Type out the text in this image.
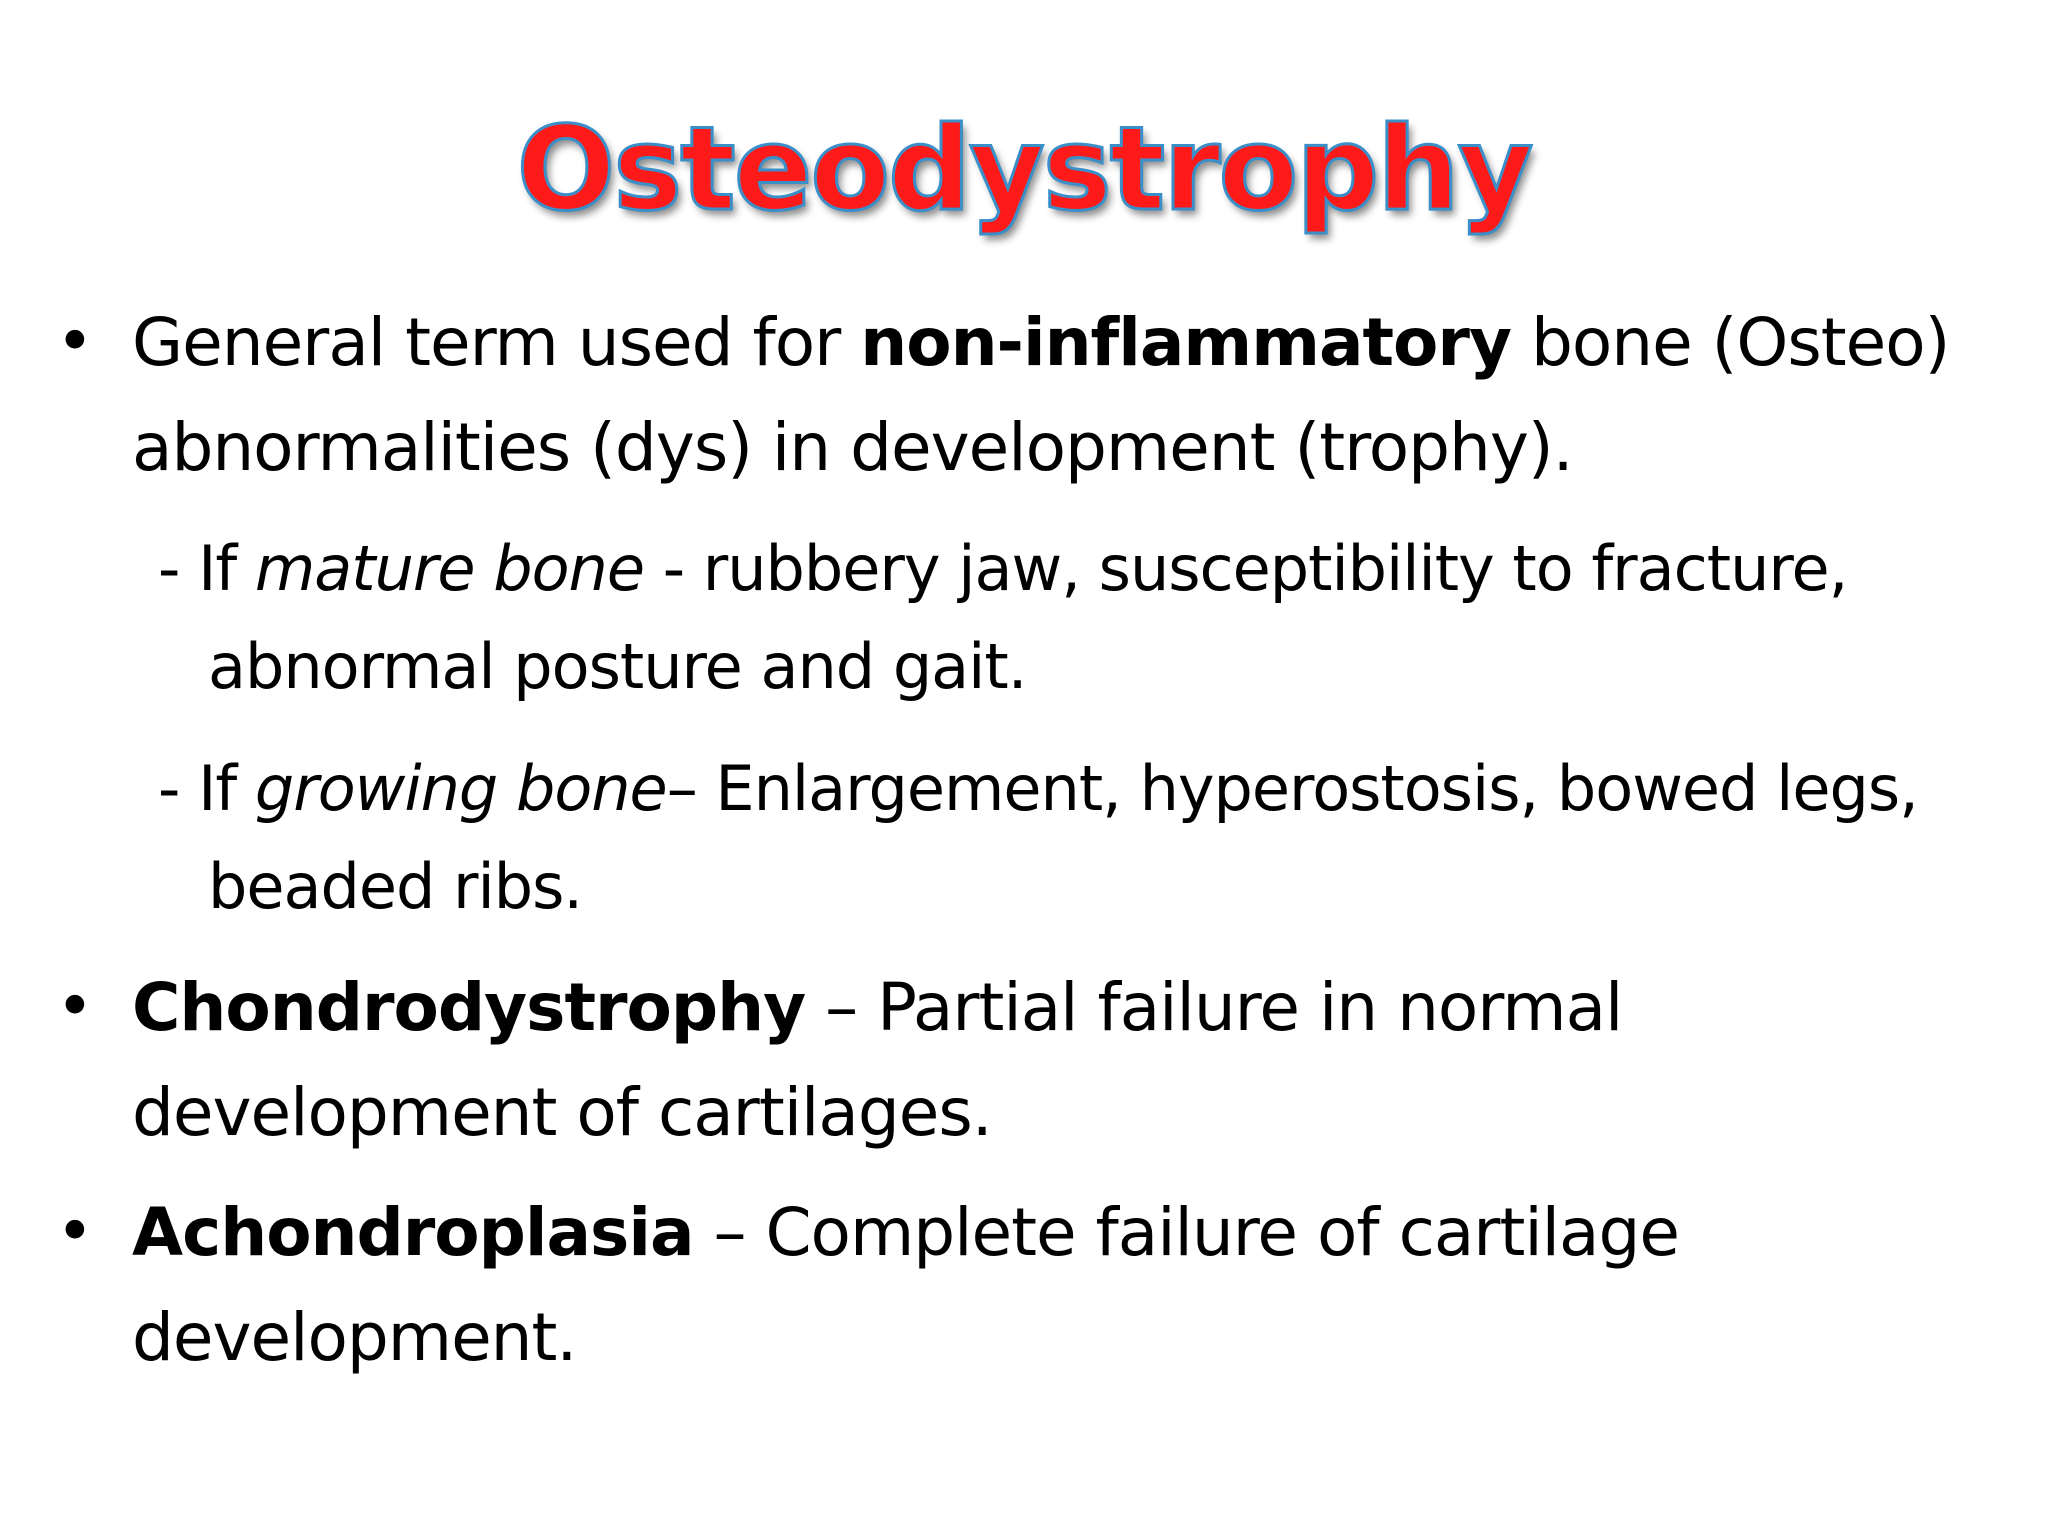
Osteodystrophy
• General term used for non-inflammatory bone (Osteo) abnormalities (dys) in development (trophy).
- If mature bone - rubbery jaw, susceptibility to fracture, abnormal posture and gait.
- If growing bone– Enlargement, hyperostosis, bowed legs, beaded ribs.
• Chondrodystrophy – Partial failure in normal development of cartilages.
• Achondroplasia – Complete failure of cartilage development.
